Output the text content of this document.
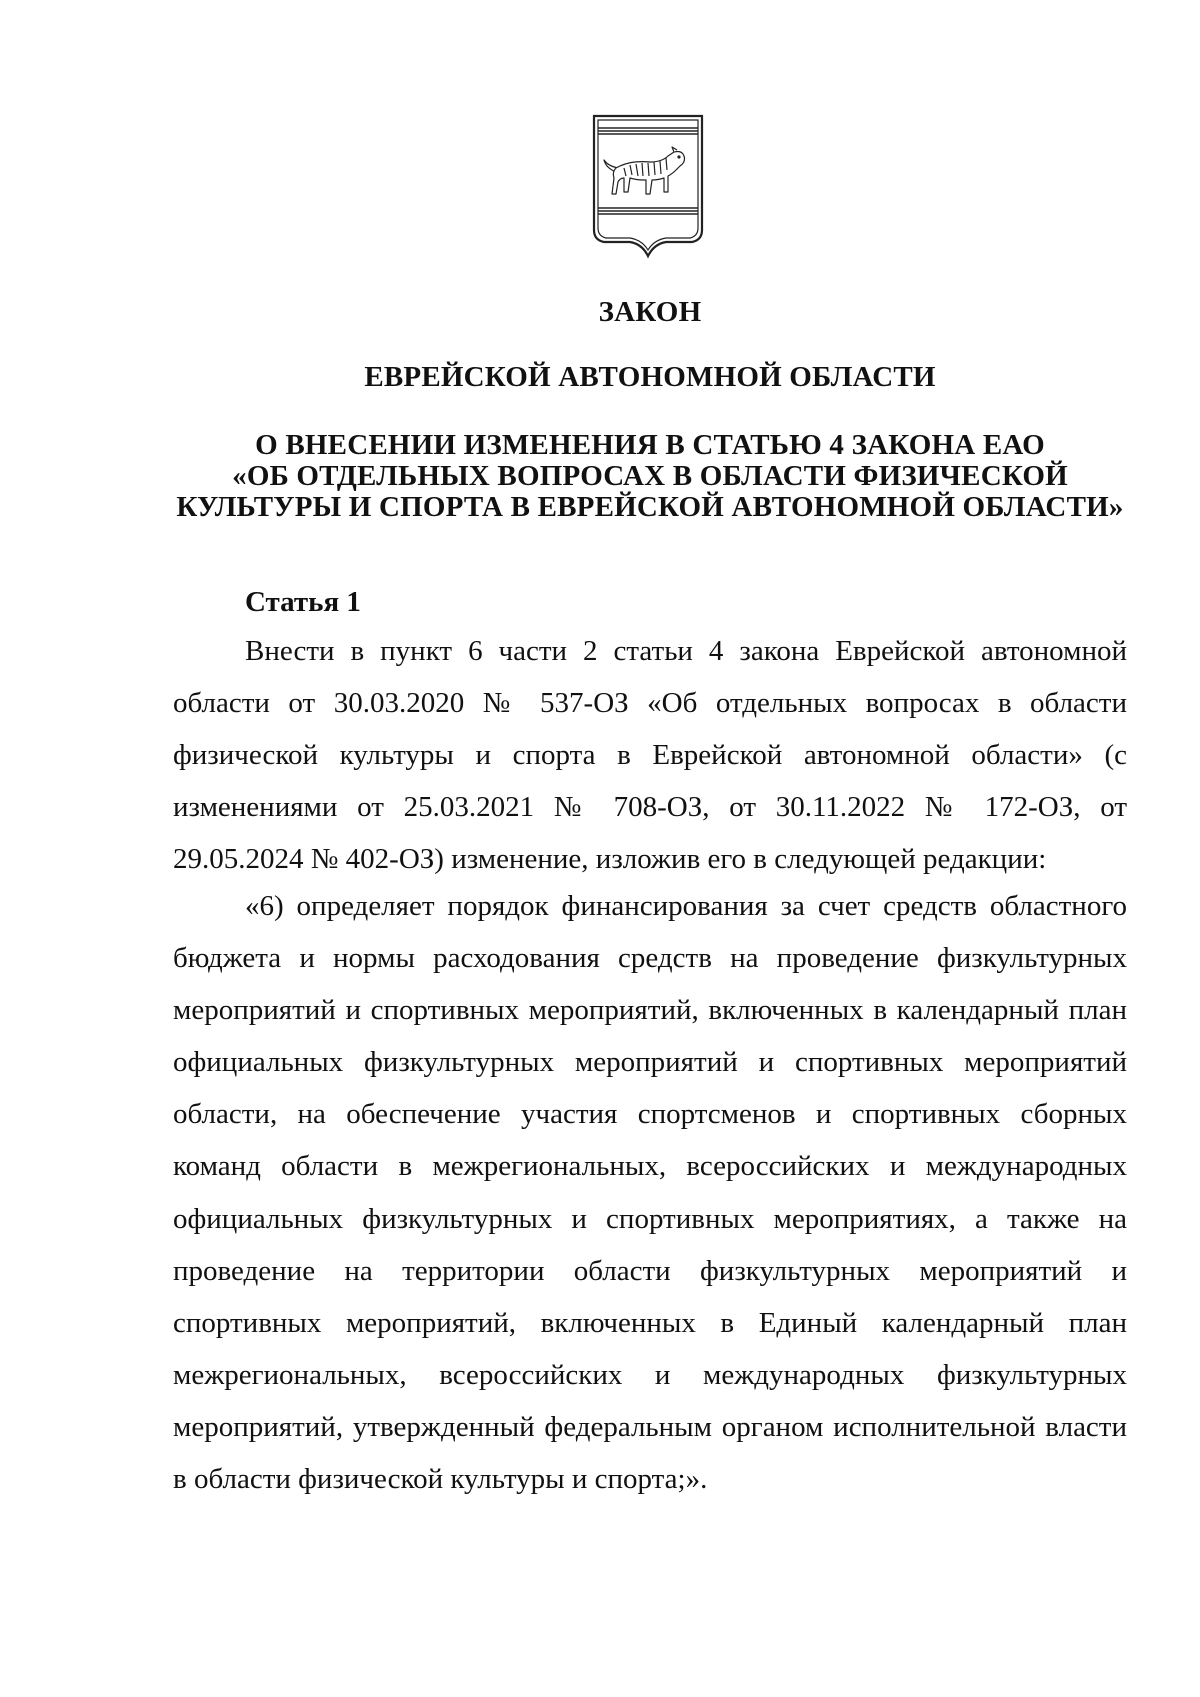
ЗАКОН
ЕВРЕЙСКОЙ АВТОНОМНОЙ ОБЛАСТИ
О ВНЕСЕНИИ ИЗМЕНЕНИЯ В СТАТЬЮ 4 ЗАКОНА ЕАО
«ОБ ОТДЕЛЬНЫХ ВОПРОСАХ В ОБЛАСТИ ФИЗИЧЕСКОЙ
КУЛЬТУРЫ И СПОРТА В ЕВРЕЙСКОЙ АВТОНОМНОЙ ОБЛАСТИ»
Статья 1

Внести в пункт 6 части 2 статьи 4 закона Еврейской автономной области от 30.03.2020 № 537-ОЗ «Об отдельных вопросах в области физической культуры и спорта в Еврейской автономной области» (с изменениями от 25.03.2021 № 708-ОЗ, от 30.11.2022 № 172-ОЗ, от 29.05.2024 № 402-ОЗ) изменение, изложив его в следующей редакции:

«6) определяет порядок финансирования за счет средств областного бюджета и нормы расходования средств на проведение физкультурных мероприятий и спортивных мероприятий, включенных в календарный план официальных физкультурных мероприятий и спортивных мероприятий области, на обеспечение участия спортсменов и спортивных сборных команд области в межрегиональных, всероссийских и международных официальных физкультурных и спортивных мероприятиях, а также на проведение на территории области физкультурных мероприятий и спортивных мероприятий, включенных в Единый календарный план межрегиональных, всероссийских и международных физкультурных мероприятий, утвержденный федеральным органом исполнительной власти в области физической культуры и спорта;».
